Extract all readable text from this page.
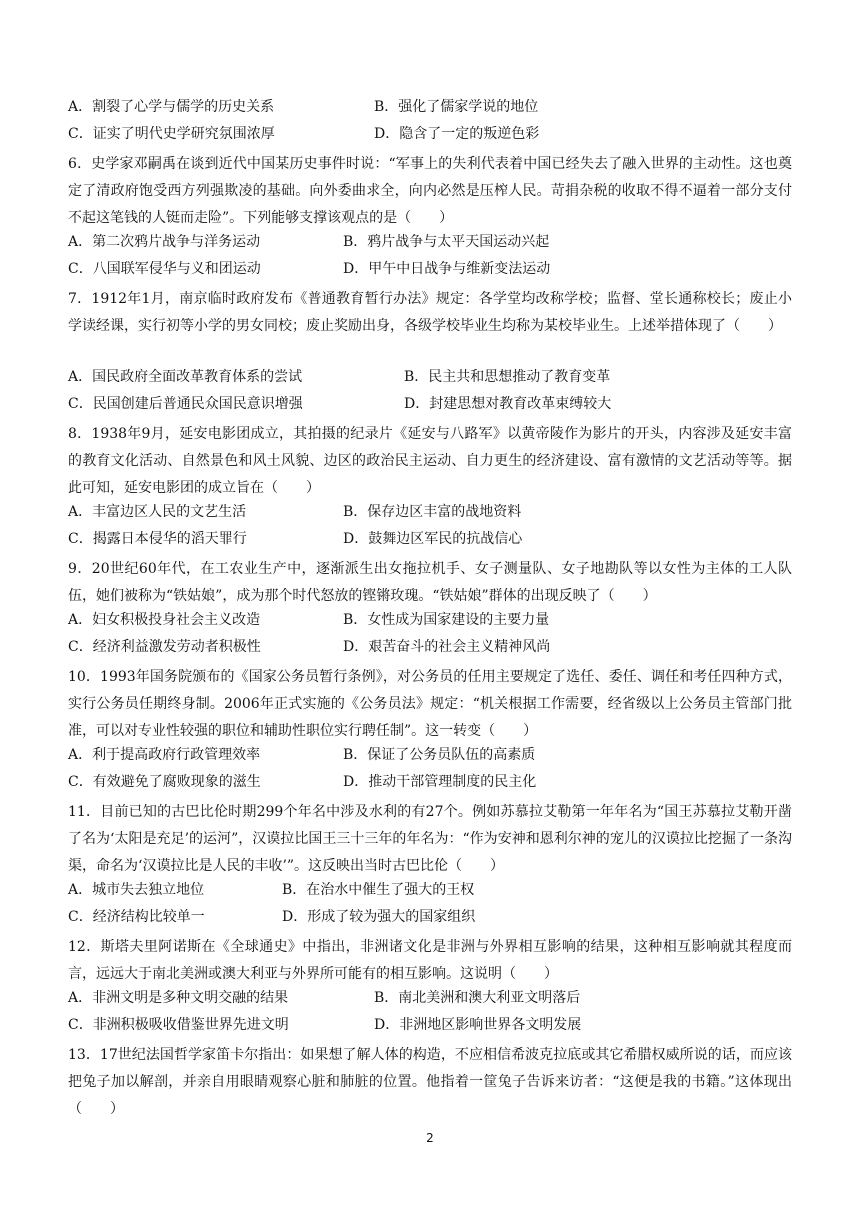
A．割裂了心学与儒学的历史关系	B．强化了儒家学说的地位
C．证实了明代史学研究氛围浓厚	D．隐含了一定的叛逆色彩
6．史学家邓嗣禹在谈到近代中国某历史事件时说：“军事上的失利代表着中国已经失去了融入世界的主动性。这也奠定了清政府饱受西方列强欺凌的基础。向外委曲求全，向内必然是压榨人民。苛捐杂税的收取不得不逼着一部分支付不起这笔钱的人铤而走险”。下列能够支撑该观点的是（　　）
A．第二次鸦片战争与洋务运动	B．鸦片战争与太平天国运动兴起
C．八国联军侵华与义和团运动	D．甲午中日战争与维新变法运动
7．1912年1月，南京临时政府发布《普通教育暂行办法》规定：各学堂均改称学校；监督、堂长通称校长；废止小学读经课，实行初等小学的男女同校；废止奖励出身，各级学校毕业生均称为某校毕业生。上述举措体现了（　　）
A．国民政府全面改革教育体系的尝试	B．民主共和思想推动了教育变革
C．民国创建后普通民众国民意识增强	D．封建思想对教育改革束缚较大
8．1938年9月，延安电影团成立，其拍摄的纪录片《延安与八路军》以黄帝陵作为影片的开头，内容涉及延安丰富的教育文化活动、自然景色和风土风貌、边区的政治民主运动、自力更生的经济建设、富有激情的文艺活动等等。据此可知，延安电影团的成立旨在（　　）
A．丰富边区人民的文艺生活	B．保存边区丰富的战地资料
C．揭露日本侵华的滔天罪行	D．鼓舞边区军民的抗战信心
9．20世纪60年代，在工农业生产中，逐渐派生出女拖拉机手、女子测量队、女子地勘队等以女性为主体的工人队伍，她们被称为“铁姑娘”，成为那个时代怒放的铿锵玫瑰。“铁姑娘”群体的出现反映了（　　）
A．妇女积极投身社会主义改造	B．女性成为国家建设的主要力量
C．经济利益激发劳动者积极性	D．艰苦奋斗的社会主义精神风尚
10．1993年国务院颁布的《国家公务员暂行条例》，对公务员的任用主要规定了选任、委任、调任和考任四种方式，实行公务员任期终身制。2006年正式实施的《公务员法》规定：“机关根据工作需要，经省级以上公务员主管部门批准，可以对专业性较强的职位和辅助性职位实行聘任制”。这一转变（　　）
A．利于提高政府行政管理效率	B．保证了公务员队伍的高素质
C．有效避免了腐败现象的滋生	D．推动干部管理制度的民主化
11．目前已知的古巴比伦时期299个年名中涉及水利的有27个。例如苏慕拉艾勒第一年年名为“国王苏慕拉艾勒开凿了名为‘太阳是充足’的运河”，汉谟拉比国王三十三年的年名为：“作为安神和恩利尔神的宠儿的汉谟拉比挖掘了一条沟渠，命名为‘汉谟拉比是人民的丰收’”。这反映出当时古巴比伦（　　）
A．城市失去独立地位	B．在治水中催生了强大的王权
C．经济结构比较单一	D．形成了较为强大的国家组织
12．斯塔夫里阿诺斯在《全球通史》中指出，非洲诸文化是非洲与外界相互影响的结果，这种相互影响就其程度而言，远远大于南北美洲或澳大利亚与外界所可能有的相互影响。这说明（　　）
A．非洲文明是多种文明交融的结果	B．南北美洲和澳大利亚文明落后
C．非洲积极吸收借鉴世界先进文明	D．非洲地区影响世界各文明发展
13．17世纪法国哲学家笛卡尔指出：如果想了解人体的构造，不应相信希波克拉底或其它希腊权威所说的话，而应该把兔子加以解剖，并亲自用眼睛观察心脏和肺脏的位置。他指着一筐兔子告诉来访者：“这便是我的书籍。”这体现出（　　）
2
